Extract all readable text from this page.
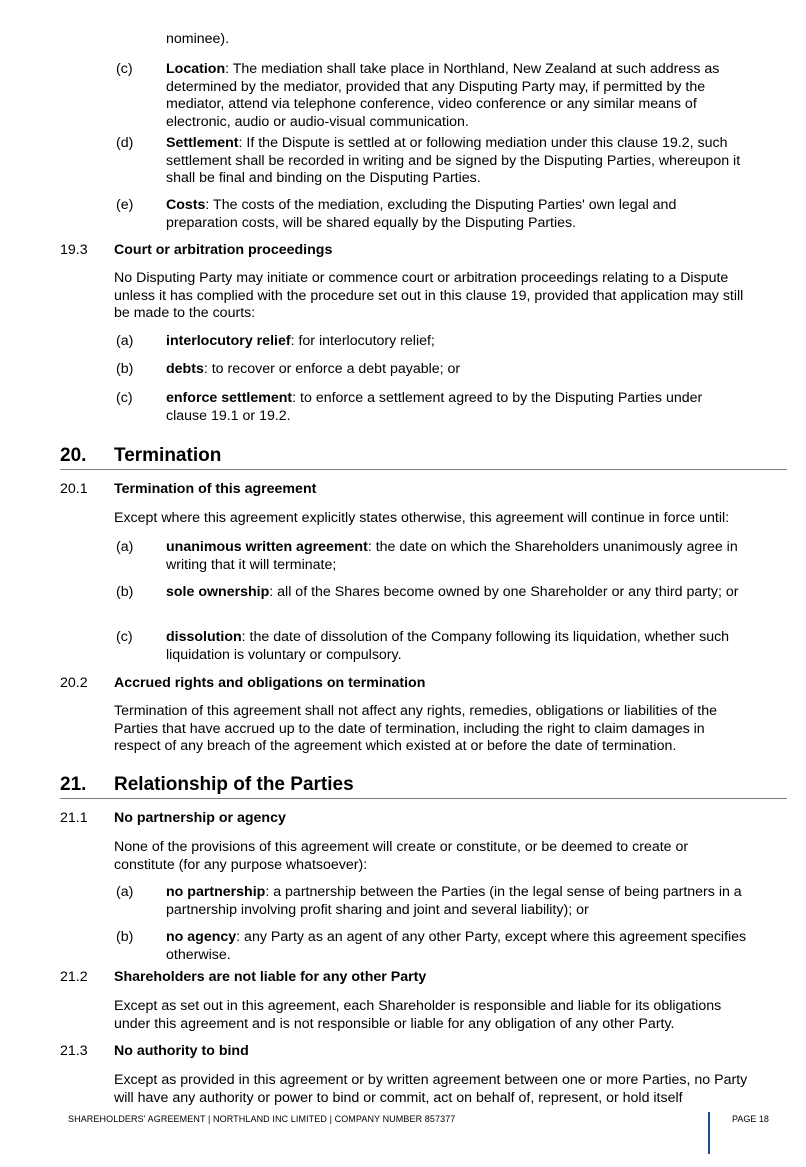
nominee).
(c) Location: The mediation shall take place in Northland, New Zealand at such address as determined by the mediator, provided that any Disputing Party may, if permitted by the mediator, attend via telephone conference, video conference or any similar means of electronic, audio or audio-visual communication.
(d) Settlement: If the Dispute is settled at or following mediation under this clause 19.2, such settlement shall be recorded in writing and be signed by the Disputing Parties, whereupon it shall be final and binding on the Disputing Parties.
(e) Costs: The costs of the mediation, excluding the Disputing Parties' own legal and preparation costs, will be shared equally by the Disputing Parties.
19.3 Court or arbitration proceedings
No Disputing Party may initiate or commence court or arbitration proceedings relating to a Dispute unless it has complied with the procedure set out in this clause 19, provided that application may still be made to the courts:
(a) interlocutory relief: for interlocutory relief;
(b) debts: to recover or enforce a debt payable; or
(c) enforce settlement: to enforce a settlement agreed to by the Disputing Parties under clause 19.1 or 19.2.
20. Termination
20.1 Termination of this agreement
Except where this agreement explicitly states otherwise, this agreement will continue in force until:
(a) unanimous written agreement: the date on which the Shareholders unanimously agree in writing that it will terminate;
(b) sole ownership: all of the Shares become owned by one Shareholder or any third party; or
(c) dissolution: the date of dissolution of the Company following its liquidation, whether such liquidation is voluntary or compulsory.
20.2 Accrued rights and obligations on termination
Termination of this agreement shall not affect any rights, remedies, obligations or liabilities of the Parties that have accrued up to the date of termination, including the right to claim damages in respect of any breach of the agreement which existed at or before the date of termination.
21. Relationship of the Parties
21.1 No partnership or agency
None of the provisions of this agreement will create or constitute, or be deemed to create or constitute (for any purpose whatsoever):
(a) no partnership: a partnership between the Parties (in the legal sense of being partners in a partnership involving profit sharing and joint and several liability); or
(b) no agency: any Party as an agent of any other Party, except where this agreement specifies otherwise.
21.2 Shareholders are not liable for any other Party
Except as set out in this agreement, each Shareholder is responsible and liable for its obligations under this agreement and is not responsible or liable for any obligation of any other Party.
21.3 No authority to bind
Except as provided in this agreement or by written agreement between one or more Parties, no Party will have any authority or power to bind or commit, act on behalf of, represent, or hold itself
SHAREHOLDERS' AGREEMENT | NORTHLAND INC LIMITED | COMPANY NUMBER 857377	PAGE 18
